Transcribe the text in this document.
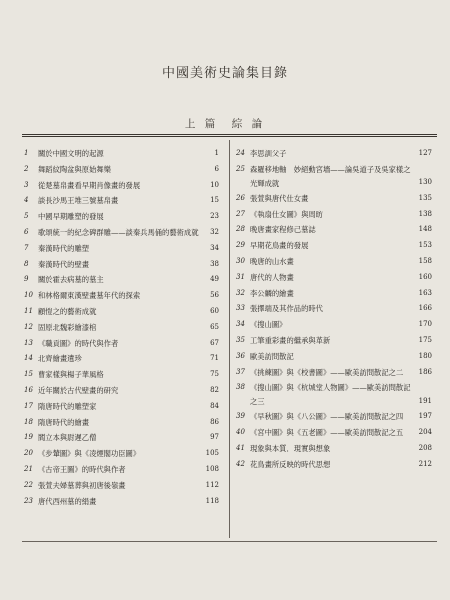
中國美術史論集目錄
上 篇　綜 論
1	關於中國文明的起源	1
2	舞蹈紋陶盆與原始舞樂	6
3	從楚墓帛畫看早期肖像畫的發展	10
4	談長沙馬王堆三號墓帛畫	15
5	中國早期雕塑的發展	23
6	歌頌統一的紀念碑群雕——談秦兵馬俑的藝術成就	32
7	秦漢時代的雕塑	34
8	秦漢時代的壁畫	38
9	關於霍去病墓的墓主	49
10 和林格爾東漢壁畫墓年代的探索	56
11 顧愷之的藝術成就	60
12 固原北魏彩繪漆棺	65
13 《職貢圖》的時代與作者	67
14 北齊繪畫遺珍	71
15 曹家樣與楊子華風格	75
16 近年關於古代壁畫的研究	82
17 隋唐時代的雕塑家	84
18 隋唐時代的繪畫	86
19 閻立本與尉遲乙僧	97
20 《步輦圖》與《凌煙閣功臣圖》	105
21 《古帝王圖》的時代與作者	108
22 張萱夫婦墓葬與初唐後嶺畫	112
23 唐代西州墓的絹畫	118
24 李思訓父子	127
25 森羅移地軸　妙絕動宮墻——論吳道子及吳家樣之光輝成就	130
26 張萱與唐代仕女畫	135
27 《執扇仕女圖》與周昉	138
28 晚唐畫家程修己墓誌	148
29 早期花鳥畫的發展	153
30 晚唐的山水畫	158
31 唐代的人物畫	160
32 李公麟的繪畫	163
33 張擇端及其作品的時代	166
34 《搜山圖》	170
35 工筆重彩畫的繼承與革新	175
36 歐美訪問散記	180
37 《挑練圖》與《校書圖》——歐美訪問散記之二	186
38 《搜山圖》與《杭城堂人物圖》——歐美訪問散記之三	191
39 《早秋圖》與《八公圖》——歐美訪問散記之四	197
40 《宮中圖》與《五老圖》——歐美訪問散記之五	204
41 現象與本質．現實與想象	208
42 花鳥畫所反映的時代思想	212
